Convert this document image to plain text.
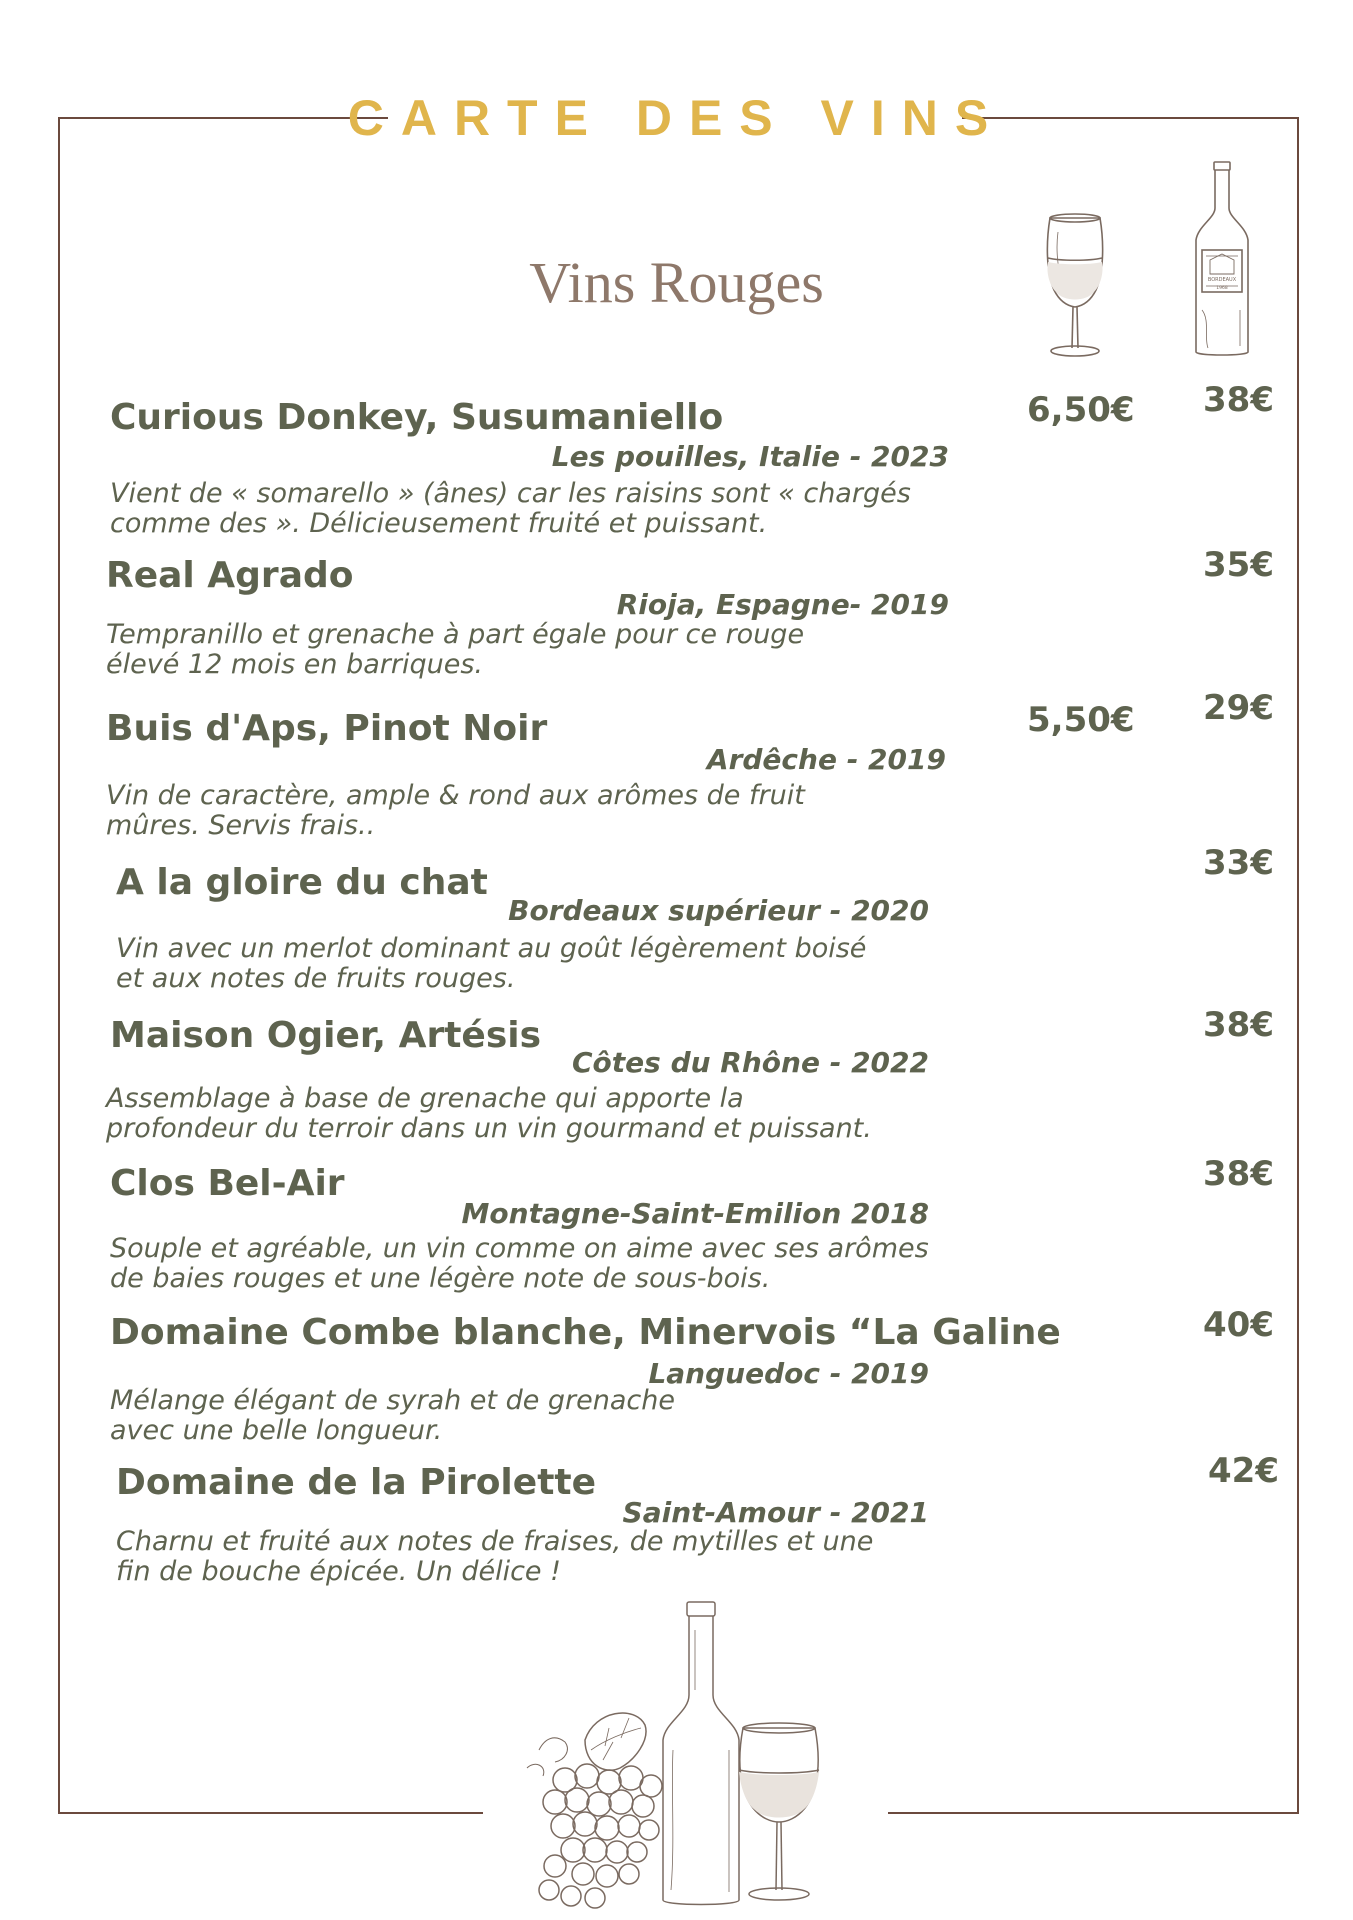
CARTE DES VINS
Vins Rouges	BORDEAUX
1968
Curious Donkey, Susumaniello
Les pouilles, Italie - 2023
Vient de « somarello » (ânes) car les raisins sont « chargés
comme des ». Délicieusement fruité et puissant.
6,50€ 38€
Real Agrado
Rioja, Espagne- 2019
Tempranillo et grenache à part égale pour ce rouge
élevé 12 mois en barriques.
35€
Buis d'Aps, Pinot Noir
Ardêche - 2019
Vin de caractère, ample & rond aux arômes de fruit
mûres. Servis frais..
5,50€ 29€
A la gloire du chat
Bordeaux supérieur - 2020
Vin avec un merlot dominant au goût légèrement boisé
et aux notes de fruits rouges.
33€
Maison Ogier, Artésis
Côtes du Rhône - 2022
Assemblage à base de grenache qui apporte la
profondeur du terroir dans un vin gourmand et puissant.
38€
Clos Bel-Air
Montagne-Saint-Emilion 2018
Souple et agréable, un vin comme on aime avec ses arômes
de baies rouges et une légère note de sous-bois.
38€
Domaine Combe blanche, Minervois “La Galine
Languedoc - 2019
Mélange élégant de syrah et de grenache
avec une belle longueur.
40€
Domaine de la Pirolette
Saint-Amour - 2021
Charnu et fruité aux notes de fraises, de mytilles et une
fin de bouche épicée. Un délice !
42€
